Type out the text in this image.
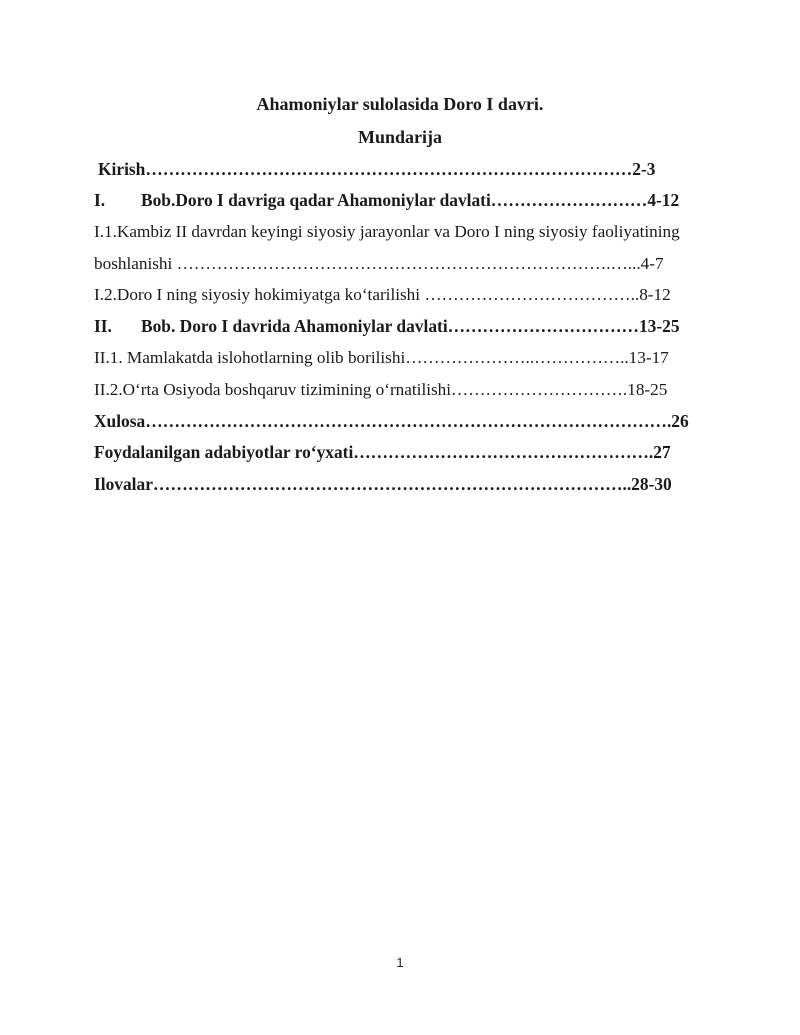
Ahamoniylar sulolasida Doro I davri.
Mundarija
Kirish…………………………………………………………………………2-3
I. Bob.Doro I davriga qadar Ahamoniylar davlati………………………4-12
I.1.Kambiz II davrdan keyingi siyosiy jarayonlar va Doro I ning siyosiy faoliyatining
boshlanishi ………………………………………………………………….…...4-7
I.2.Doro I ning siyosiy hokimiyatga ko‘tarilishi ………………………………..8-12
II. Bob. Doro I davrida Ahamoniylar davlati……………………………13-25
II.1. Mamlakatda islohotlarning olib borilishi…………………..……………..13-17
II.2.O‘rta Osiyoda boshqaruv tizimining o‘rnatilishi………………………….18-25
Xulosa……………………………………………………………………………….26
Foydalanilgan adabiyotlar ro‘yxati…………………………………………….27
Ilovalar………………………………………………………………………..28-30
1
